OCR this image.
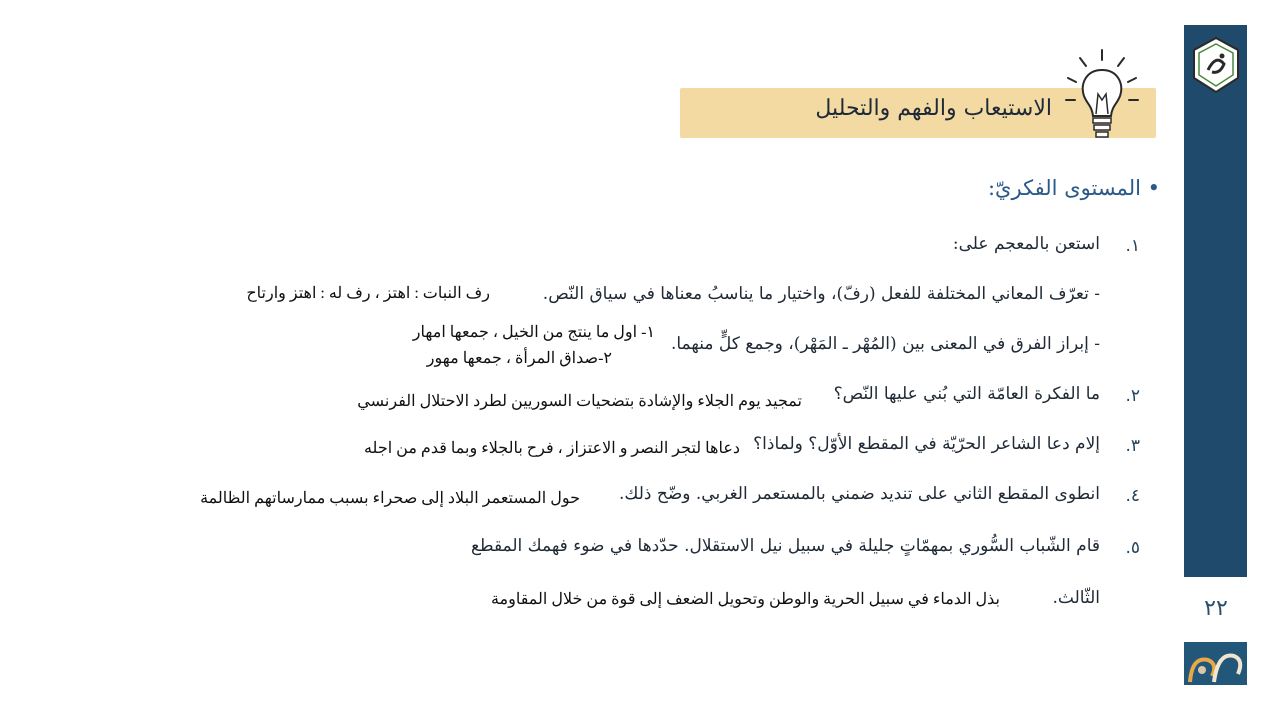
٢٢
الاستيعاب والفهم والتحليل
• المستوى الفكريّ:
١.
استعن بالمعجم على:
- تعرّف المعاني المختلفة للفعل (رفّ)، واختيار ما يناسبُ معناها في سياق النّص.
رف النبات : اهتز ، رف له : اهتز وارتاح
- إبراز الفرق في المعنى بين (المُهْر ـ المَهْر)، وجمع كلٍّ منهما.
١- اول ما ينتج من الخيل ، جمعها امهار
٢-صداق المرأة ، جمعها مهور
٢.
ما الفكرة العامّة التي بُني عليها النّص؟
تمجيد يوم الجلاء والإشادة بتضحيات السوريين لطرد الاحتلال الفرنسي
٣.
إلام دعا الشاعر الحرّيّة في المقطع الأوّل؟ ولماذا؟
دعاها لتجر النصر و الاعتزاز ، فرح بالجلاء وبما قدم من اجله
٤.
انطوى المقطع الثاني على تنديد ضمني بالمستعمر الغربي. وضّح ذلك.
حول المستعمر البلاد إلى صحراء بسبب ممارساتهم الظالمة
٥.
قام الشّباب السُّوري بمهمّاتٍ جليلة في سبيل نيل الاستقلال. حدّدها في ضوء فهمك المقطع
الثّالث.
بذل الدماء في سبيل الحرية والوطن وتحويل الضعف إلى قوة من خلال المقاومة
